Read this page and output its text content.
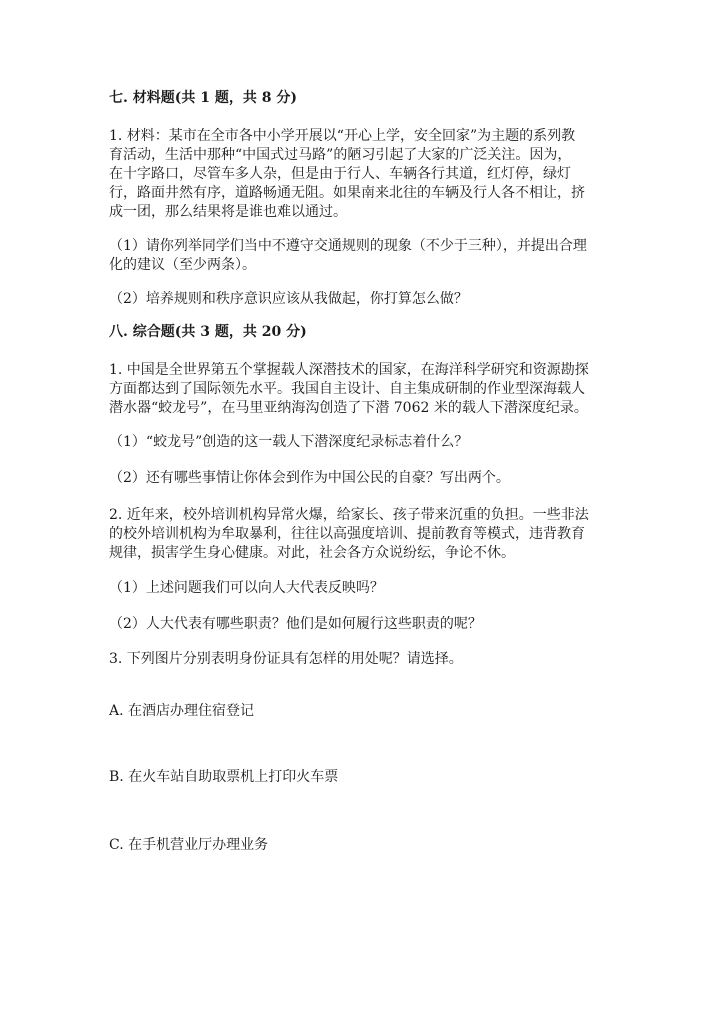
七. 材料题(共 1 题，共 8 分)
1. 材料：某市在全市各中小学开展以“开心上学，安全回家”为主题的系列教
育活动，生活中那种“中国式过马路”的陋习引起了大家的广泛关注。因为，
在十字路口，尽管车多人杂，但是由于行人、车辆各行其道，红灯停，绿灯
行，路面井然有序，道路畅通无阻。如果南来北往的车辆及行人各不相让，挤
成一团，那么结果将是谁也难以通过。
（1）请你列举同学们当中不遵守交通规则的现象（不少于三种），并提出合理
化的建议（至少两条）。
（2）培养规则和秩序意识应该从我做起，你打算怎么做？
八. 综合题(共 3 题，共 20 分)
1. 中国是全世界第五个掌握载人深潜技术的国家，在海洋科学研究和资源勘探
方面都达到了国际领先水平。我国自主设计、自主集成研制的作业型深海载人
潜水器“蛟龙号”，在马里亚纳海沟创造了下潜 7062 米的载人下潜深度纪录。
（1）“蛟龙号”创造的这一载人下潜深度纪录标志着什么？
（2）还有哪些事情让你体会到作为中国公民的自豪？写出两个。
2. 近年来，校外培训机构异常火爆，给家长、孩子带来沉重的负担。一些非法
的校外培训机构为牟取暴利，往往以高强度培训、提前教育等模式，违背教育
规律，损害学生身心健康。对此，社会各方众说纷纭，争论不休。
（1）上述问题我们可以向人大代表反映吗？
（2）人大代表有哪些职责？他们是如何履行这些职责的呢？
3. 下列图片分别表明身份证具有怎样的用处呢？请选择。
A. 在酒店办理住宿登记
B. 在火车站自助取票机上打印火车票
C. 在手机营业厅办理业务
